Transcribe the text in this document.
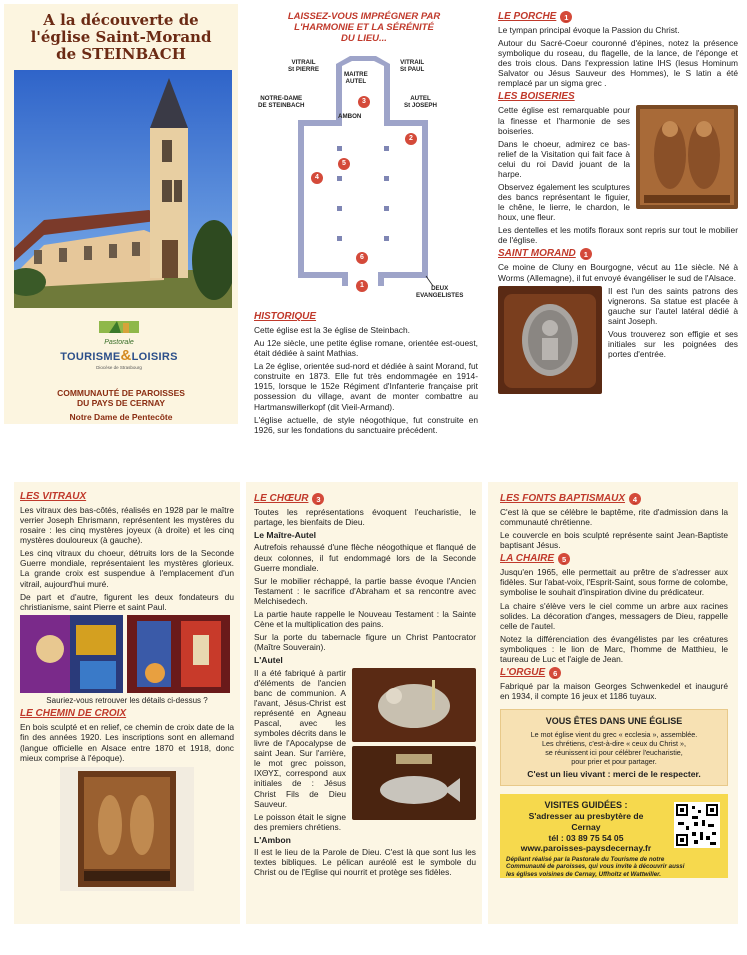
A la découverte de
l'église Saint-Morand
de STEINBACH
Pastorale
TOURISME&LOISIRS
Diocèse de Strasbourg
COMMUNAUTÉ DE PAROISSES
DU PAYS DE CERNAY
Notre Dame de Pentecôte
LAISSEZ-VOUS IMPRÉGNER PAR
L'HARMONIE ET LA SÉRÉNITÉ
DU LIEU...
VITRAIL
St PIERRE
MAITRE
AUTEL
VITRAIL
St PAUL
NOTRE-DAME
DE STEINBACH
AUTEL
St JOSEPH
AMBON
DEUX
EVANGELISTES
3
2
5
4
6
1
HISTORIQUE

Cette église est la 3e église de Steinbach.

Au 12e siècle, une petite église romane, orientée est-ouest, était dédiée à saint Mathias.

La 2e église, orientée sud-nord et dédiée à saint Morand, fut construite en 1873. Elle fut très endommagée en 1914-1915, lorsque le 152e Régiment d'Infanterie française prit possession du village, avant de monter combattre au Hartmanswillerkopf (dit Vieil-Armand).

L'église actuelle, de style néogothique, fut construite en 1926, sur les fondations du sanctuaire précédent.

LE PORCHE	1

Le tympan principal évoque la Passion du Christ.

Autour du Sacré-Coeur couronné d'épines, notez la présence symbolique du roseau, du flagelle, de la lance, de l'éponge et des trois clous. Dans l'expression latine IHS (Iesus Hominum Salvator ou Jésus Sauveur des Hommes), le S latin a été remplacé par un sigma grec .

LES BOISERIES

Cette église est remarquable pour la finesse et l'harmonie de ses boiseries.

Dans le choeur, admirez ce bas-relief de la Visitation qui fait face à celui du roi David jouant de la harpe.

Observez également les sculptures des bancs représentant le figuier, le chêne, le lierre, le chardon, le houx, une fleur.

Les dentelles et les motifs floraux sont repris sur tout le mobilier de l'église.

SAINT MORAND	1

Ce moine de Cluny en Bourgogne, vécut au 11e siècle. Né à Worms (Allemagne), il fut envoyé évangéliser le sud de l'Alsace.

Il est l'un des saints patrons des vignerons. Sa statue est placée à gauche sur l'autel latéral dédié à saint Joseph.

Vous trouverez son effigie et ses initiales sur les poignées des portes d'entrée.

LES VITRAUX

Les vitraux des bas-côtés, réalisés en 1928 par le maître verrier Joseph Ehrismann, représentent les mystères du rosaire : les cinq mystères joyeux (à droite) et les cinq mystères douloureux (à gauche).

Les cinq vitraux du choeur, détruits lors de la Seconde Guerre mondiale, représentaient les mystères glorieux. La grande croix est suspendue à l'emplacement d'un vitrail, aujourd'hui muré.

De part et d'autre, figurent les deux fondateurs du christianisme, saint Pierre et saint Paul.

Sauriez-vous retrouver les détails ci-dessus ?
LE CHEMIN DE CROIX

En bois sculpté et en relief, ce chemin de croix date de la fin des années 1920. Les inscriptions sont en allemand (langue officielle en Alsace entre 1870 et 1918, donc mieux comprise à l'époque).

LE CHŒUR	3

Toutes les représentations évoquent l'eucharistie, le partage, les bienfaits de Dieu.

Le Maître-Autel

Autrefois rehaussé d'une flèche néogothique et flanqué de deux colonnes, il fut endommagé lors de la Seconde Guerre mondiale.

Sur le mobilier réchappé, la partie basse évoque l'Ancien Testament : le sacrifice d'Abraham et sa rencontre avec Melchisedech.

La partie haute rappelle le Nouveau Testament : la Sainte Cène et la multiplication des pains.

Sur la porte du tabernacle figure un Christ Pantocrator (Maître Souverain).

L'Autel

Il a été fabriqué à partir d'éléments de l'ancien banc de communion. A l'avant, Jésus-Christ est représenté en Agneau Pascal, avec les symboles décrits dans le livre de l'Apocalypse de saint Jean. Sur l'arrière, le mot grec poisson, ΙΧΘΥΣ, correspond aux initiales de : Jésus Christ Fils de Dieu Sauveur.

Le poisson était le signe des premiers chrétiens.

L'Ambon

Il est le lieu de la Parole de Dieu. C'est là que sont lus les textes bibliques. Le pélican auréolé est le symbole du Christ ou de l'Eglise qui nourrit et protège ses fidèles.

LES FONTS BAPTISMAUX	4

C'est là que se célèbre le baptême, rite d'admission dans la communauté chrétienne.

Le couvercle en bois sculpté représente saint Jean-Baptiste baptisant Jésus.

LA CHAIRE	5

Jusqu'en 1965, elle permettait au prêtre de s'adresser aux fidèles. Sur l'abat-voix, l'Esprit-Saint, sous forme de colombe, symbolise le souhait d'inspiration divine du prédicateur.

La chaire s'élève vers le ciel comme un arbre aux racines solides. La décoration d'anges, messagers de Dieu, rappelle celle de l'autel.

Notez la différenciation des évangélistes par les créatures symboliques : le lion de Marc, l'homme de Matthieu, le taureau de Luc et l'aigle de Jean.

L'ORGUE	6

Fabriqué par la maison Georges Schwenkedel et inauguré en 1934, il compte 16 jeux et 1186 tuyaux.

VOUS ÊTES DANS UNE ÉGLISE
Le mot église vient du grec « ecclesia », assemblée.
Les chrétiens, c'est-à-dire « ceux du Christ »,
se réunissent ici pour célébrer l'eucharistie,
pour prier et pour partager.
C'est un lieu vivant : merci de le respecter.
VISITES GUIDÉES :
S'adresser au presbytère de
Cernay
tél : 03 89 75 54 05
www.paroisses-paysdecernay.fr
Dépliant réalisé par la Pastorale du Tourisme de notre Communauté de paroisses, qui vous invite à découvrir aussi les églises voisines de Cernay, Uffholtz et Wattwiller.
